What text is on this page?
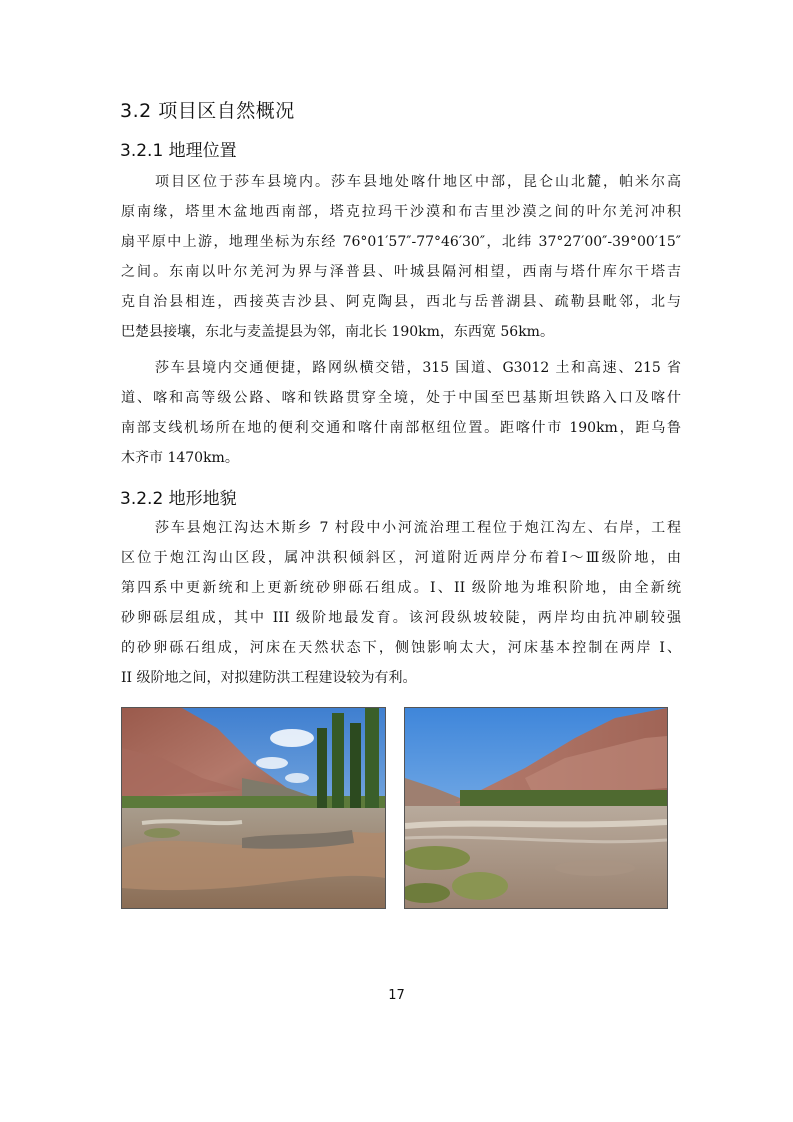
3.2 项目区自然概况
3.2.1 地理位置
项目区位于莎车县境内。莎车县地处喀什地区中部，昆仑山北麓，帕米尔高
原南缘，塔里木盆地西南部，塔克拉玛干沙漠和布吉里沙漠之间的叶尔羌河冲积
扇平原中上游，地理坐标为东经 76°01′57″-77°46′30″，北纬 37°27′00″-39°00′15″
之间。东南以叶尔羌河为界与泽普县、叶城县隔河相望，西南与塔什库尔干塔吉
克自治县相连，西接英吉沙县、阿克陶县，西北与岳普湖县、疏勒县毗邻，北与
巴楚县接壤，东北与麦盖提县为邻，南北长 190km，东西宽 56km。
莎车县境内交通便捷，路网纵横交错，315 国道、G3012 土和高速、215 省
道、喀和高等级公路、喀和铁路贯穿全境，处于中国至巴基斯坦铁路入口及喀什
南部支线机场所在地的便利交通和喀什南部枢纽位置。距喀什市 190km，距乌鲁
木齐市 1470km。
3.2.2 地形地貌
莎车县炮江沟达木斯乡 7 村段中小河流治理工程位于炮江沟左、右岸，工程
区位于炮江沟山区段，属冲洪积倾斜区，河道附近两岸分布着Ⅰ～Ⅲ级阶地，由
第四系中更新统和上更新统砂卵砾石组成。I、II 级阶地为堆积阶地，由全新统
砂卵砾层组成，其中 III 级阶地最发育。该河段纵坡较陡，两岸均由抗冲刷较强
的砂卵砾石组成，河床在天然状态下，侧蚀影响太大，河床基本控制在两岸 I、
II 级阶地之间，对拟建防洪工程建设较为有利。
17
